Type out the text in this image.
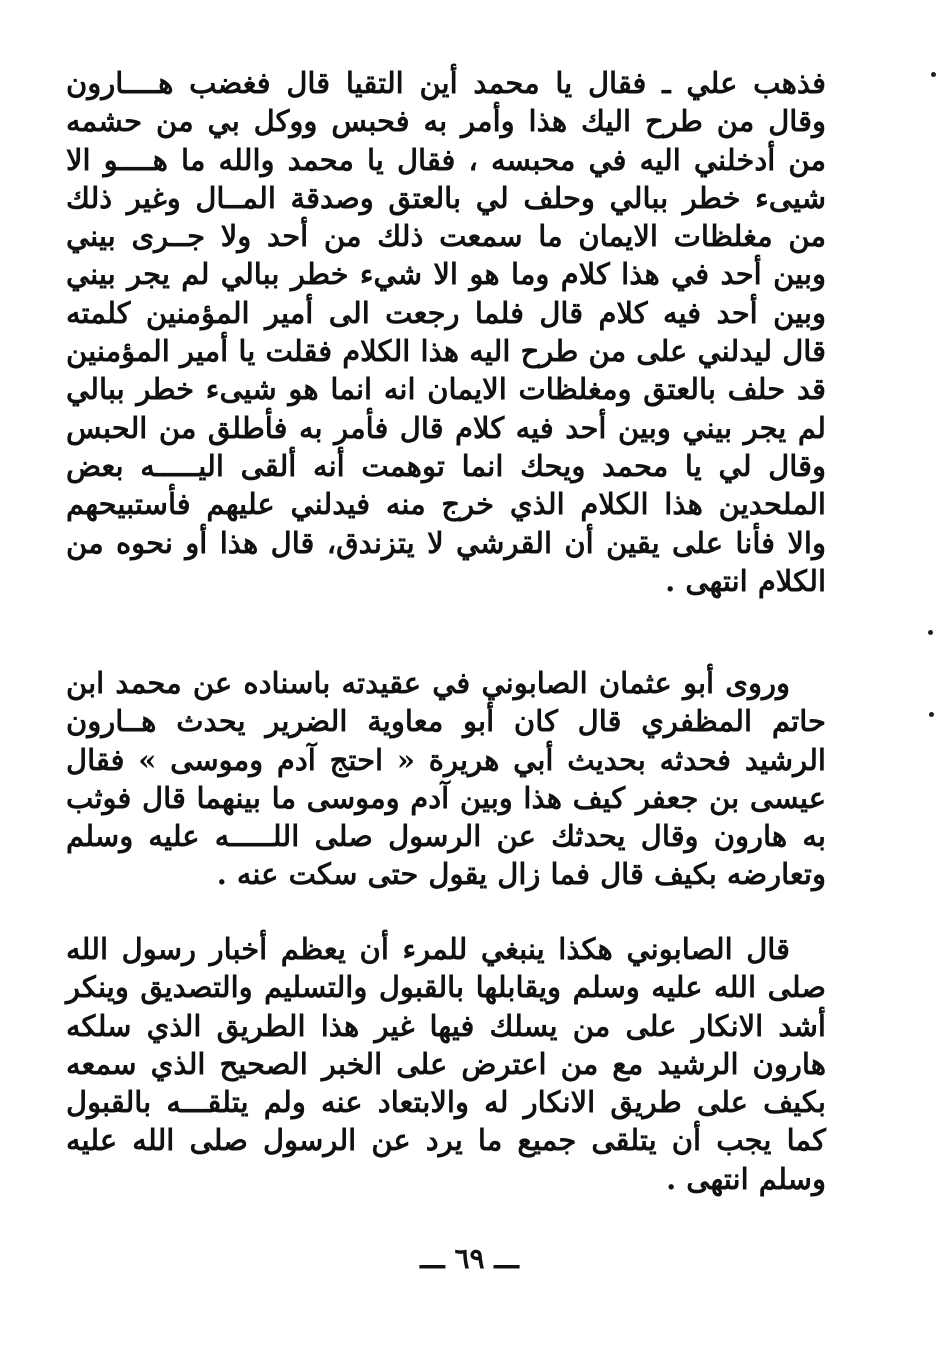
فذهب علي ـ فقال يا محمد أين التقيا قال فغضب هــــارون وقال من طرح اليك هذا وأمر به فحبس ووكل بي من حشمه من أدخلني اليه في محبسه ، فقال يا محمد والله ما هــــو الا شيىء خطر ببالي وحلف لي بالعتق وصدقة المــال وغير ذلك من مغلظات الايمان ما سمعت ذلك من أحد ولا جــرى بيني وبين أحد في هذا كلام وما هو الا شيء خطر ببالي لم يجر بيني وبين أحد فيه كلام قال فلما رجعت الى أمير المؤمنين كلمته قال ليدلني على من طرح اليه هذا الكلام فقلت يا أمير المؤمنين قد حلف بالعتق ومغلظات الايمان انه انما هو شيىء خطر ببالي لم يجر بيني وبين أحد فيه كلام قال فأمر به فأطلق من الحبس وقال لي يا محمد ويحك انما توهمت أنه ألقى اليـــــه بعض الملحدين هذا الكلام الذي خرج منه فيدلني عليهم فأستبيحهم والا فأنا على يقين أن القرشي لا يتزندق، قال هذا أو نحوه من الكلام انتهى .

وروى أبو عثمان الصابوني في عقيدته باسناده عن محمد ابن حاتم المظفري قال كان أبو معاوية الضرير يحدث هــارون الرشيد فحدثه بحديث أبي هريرة « احتج آدم وموسى » فقال عيسى بن جعفر كيف هذا وبين آدم وموسى ما بينهما قال فوثب به هارون وقال يحدثك عن الرسول صلى اللـــــه عليه وسلم وتعارضه بكيف قال فما زال يقول حتى سكت عنه .

قال الصابوني هكذا ينبغي للمرء أن يعظم أخبار رسول الله صلى الله عليه وسلم ويقابلها بالقبول والتسليم والتصديق وينكر أشد الانكار على من يسلك فيها غير هذا الطريق الذي سلكه هارون الرشيد مع من اعترض على الخبر الصحيح الذي سمعه بكيف على طريق الانكار له والابتعاد عنه ولم يتلقـــه بالقبول كما يجب أن يتلقى جميع ما يرد عن الرسول صلى الله عليه وسلم انتهى .

ـــ ٦٩ ـــ
